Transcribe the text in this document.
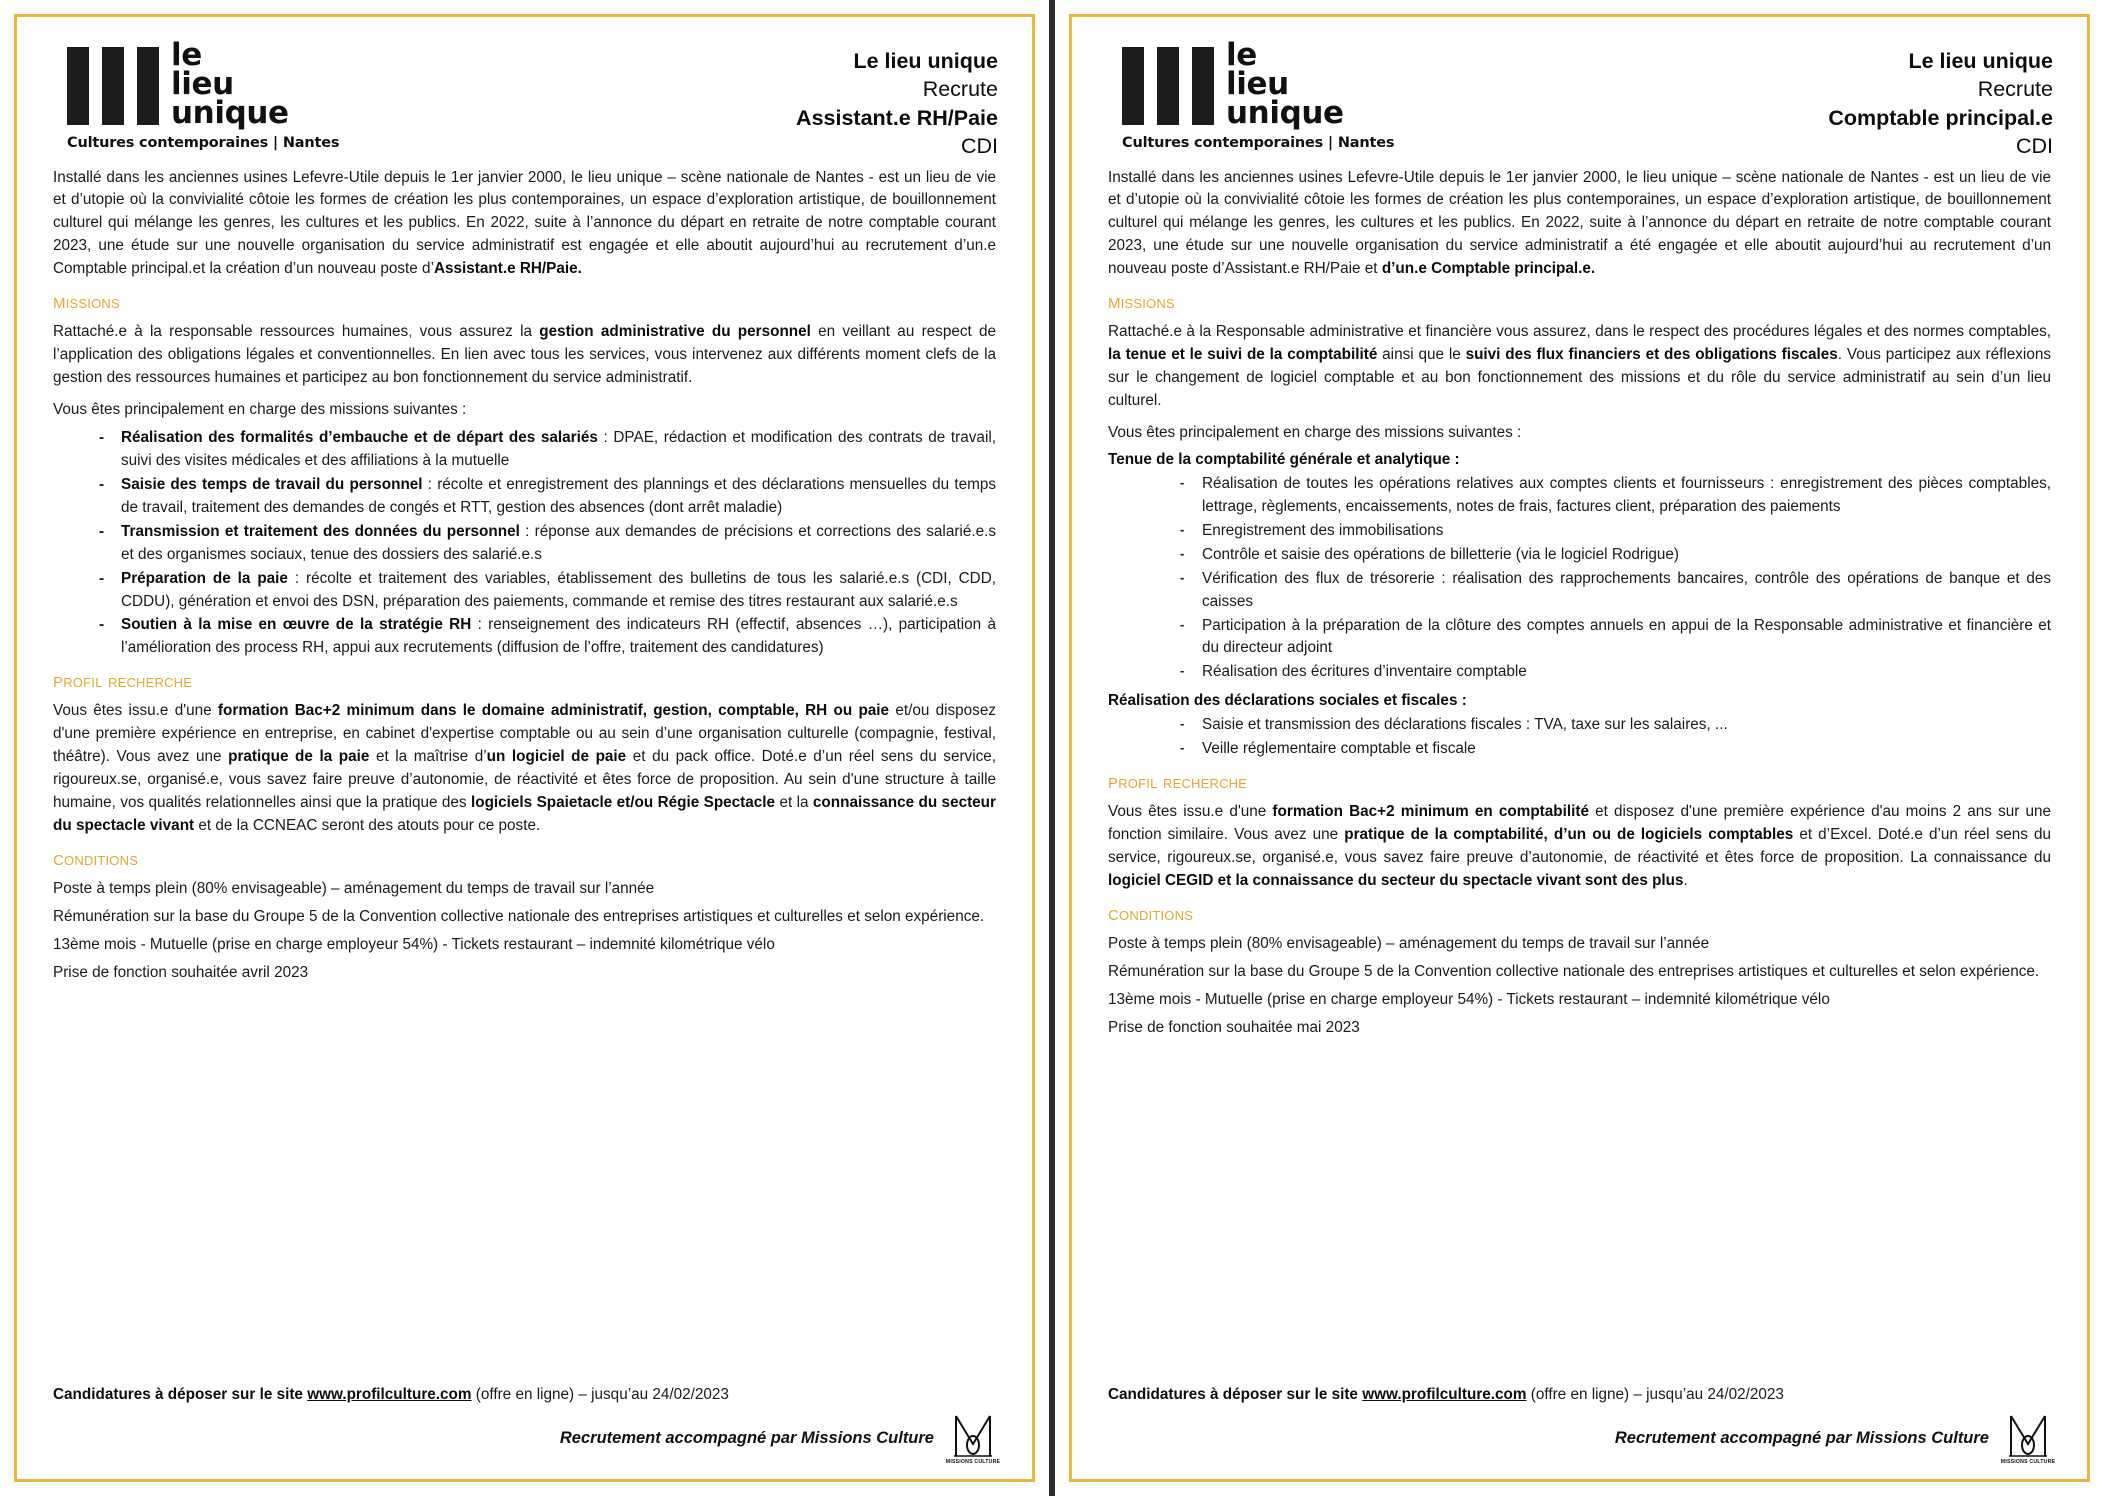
le
lieu
unique
Cultures contemporaines | Nantes
Le lieu unique
Recrute
Assistant.e RH/Paie
CDI

Installé dans les anciennes usines Lefevre-Utile depuis le 1er janvier 2000, le lieu unique – scène nationale de Nantes - est un lieu de vie et d’utopie où la convivialité côtoie les formes de création les plus contemporaines, un espace d’exploration artistique, de bouillonnement culturel qui mélange les genres, les cultures et les publics. En 2022, suite à l’annonce du départ en retraite de notre comptable courant 2023, une étude sur une nouvelle organisation du service administratif est engagée et elle aboutit aujourd’hui au recrutement d’un.e Comptable principal.et la création d’un nouveau poste d’Assistant.e RH/Paie.

missions

Rattaché.e à la responsable ressources humaines, vous assurez la gestion administrative du personnel en veillant au respect de l’application des obligations légales et conventionnelles. En lien avec tous les services, vous intervenez aux différents moment clefs de la gestion des ressources humaines et participez au bon fonctionnement du service administratif.

Vous êtes principalement en charge des missions suivantes :

- Réalisation des formalités d’embauche et de départ des salariés : DPAE, rédaction et modification des contrats de travail, suivi des visites médicales et des affiliations à la mutuelle
- Saisie des temps de travail du personnel : récolte et enregistrement des plannings et des déclarations mensuelles du temps de travail, traitement des demandes de congés et RTT, gestion des absences (dont arrêt maladie)
- Transmission et traitement des données du personnel : réponse aux demandes de précisions et corrections des salarié.e.s et des organismes sociaux, tenue des dossiers des salarié.e.s
- Préparation de la paie : récolte et traitement des variables, établissement des bulletins de tous les salarié.e.s (CDI, CDD, CDDU), génération et envoi des DSN, préparation des paiements, commande et remise des titres restaurant aux salarié.e.s
- Soutien à la mise en œuvre de la stratégie RH : renseignement des indicateurs RH (effectif, absences …), participation à l’amélioration des process RH, appui aux recrutements (diffusion de l’offre, traitement des candidatures)
profil recherche

Vous êtes issu.e d'une formation Bac+2 minimum dans le domaine administratif, gestion, comptable, RH ou paie et/ou disposez d'une première expérience en entreprise, en cabinet d'expertise comptable ou au sein d’une organisation culturelle (compagnie, festival, théâtre). Vous avez une pratique de la paie et la maîtrise d’un logiciel de paie et du pack office. Doté.e d’un réel sens du service, rigoureux.se, organisé.e, vous savez faire preuve d’autonomie, de réactivité et êtes force de proposition. Au sein d'une structure à taille humaine, vos qualités relationnelles ainsi que la pratique des logiciels Spaietacle et/ou Régie Spectacle et la connaissance du secteur du spectacle vivant et de la CCNEAC seront des atouts pour ce poste.

conditions

Poste à temps plein (80% envisageable) – aménagement du temps de travail sur l’année

Rémunération sur la base du Groupe 5 de la Convention collective nationale des entreprises artistiques et culturelles et selon expérience.

13ème mois - Mutuelle (prise en charge employeur 54%) - Tickets restaurant – indemnité kilométrique vélo

Prise de fonction souhaitée avril 2023

Candidatures à déposer sur le site www.profilculture.com (offre en ligne) – jusqu’au 24/02/2023
Recrutement accompagné par Missions Culture
MISSIONS CULTURE
le
lieu
unique
Cultures contemporaines | Nantes
Le lieu unique
Recrute
Comptable principal.e
CDI

Installé dans les anciennes usines Lefevre-Utile depuis le 1er janvier 2000, le lieu unique – scène nationale de Nantes - est un lieu de vie et d’utopie où la convivialité côtoie les formes de création les plus contemporaines, un espace d’exploration artistique, de bouillonnement culturel qui mélange les genres, les cultures et les publics. En 2022, suite à l’annonce du départ en retraite de notre comptable courant 2023, une étude sur une nouvelle organisation du service administratif a été engagée et elle aboutit aujourd’hui au recrutement d’un nouveau poste d’Assistant.e RH/Paie et d’un.e Comptable principal.e.

missions

Rattaché.e à la Responsable administrative et financière vous assurez, dans le respect des procédures légales et des normes comptables, la tenue et le suivi de la comptabilité ainsi que le suivi des flux financiers et des obligations fiscales. Vous participez aux réflexions sur le changement de logiciel comptable et au bon fonctionnement des missions et du rôle du service administratif au sein d’un lieu culturel.

Vous êtes principalement en charge des missions suivantes :

Tenue de la comptabilité générale et analytique :
- Réalisation de toutes les opérations relatives aux comptes clients et fournisseurs : enregistrement des pièces comptables, lettrage, règlements, encaissements, notes de frais, factures client, préparation des paiements
- Enregistrement des immobilisations
- Contrôle et saisie des opérations de billetterie (via le logiciel Rodrigue)
- Vérification des flux de trésorerie : réalisation des rapprochements bancaires, contrôle des opérations de banque et des caisses
- Participation à la préparation de la clôture des comptes annuels en appui de la Responsable administrative et financière et du directeur adjoint
- Réalisation des écritures d’inventaire comptable
Réalisation des déclarations sociales et fiscales :
- Saisie et transmission des déclarations fiscales : TVA, taxe sur les salaires, ...
- Veille réglementaire comptable et fiscale
profil recherche

Vous êtes issu.e d'une formation Bac+2 minimum en comptabilité et disposez d'une première expérience d'au moins 2 ans sur une fonction similaire. Vous avez une pratique de la comptabilité, d’un ou de logiciels comptables et d’Excel. Doté.e d’un réel sens du service, rigoureux.se, organisé.e, vous savez faire preuve d’autonomie, de réactivité et êtes force de proposition. La connaissance du logiciel CEGID et la connaissance du secteur du spectacle vivant sont des plus.

conditions

Poste à temps plein (80% envisageable) – aménagement du temps de travail sur l’année

Rémunération sur la base du Groupe 5 de la Convention collective nationale des entreprises artistiques et culturelles et selon expérience.

13ème mois - Mutuelle (prise en charge employeur 54%) - Tickets restaurant – indemnité kilométrique vélo

Prise de fonction souhaitée mai 2023

Candidatures à déposer sur le site www.profilculture.com (offre en ligne) – jusqu’au 24/02/2023
Recrutement accompagné par Missions Culture
MISSIONS CULTURE
